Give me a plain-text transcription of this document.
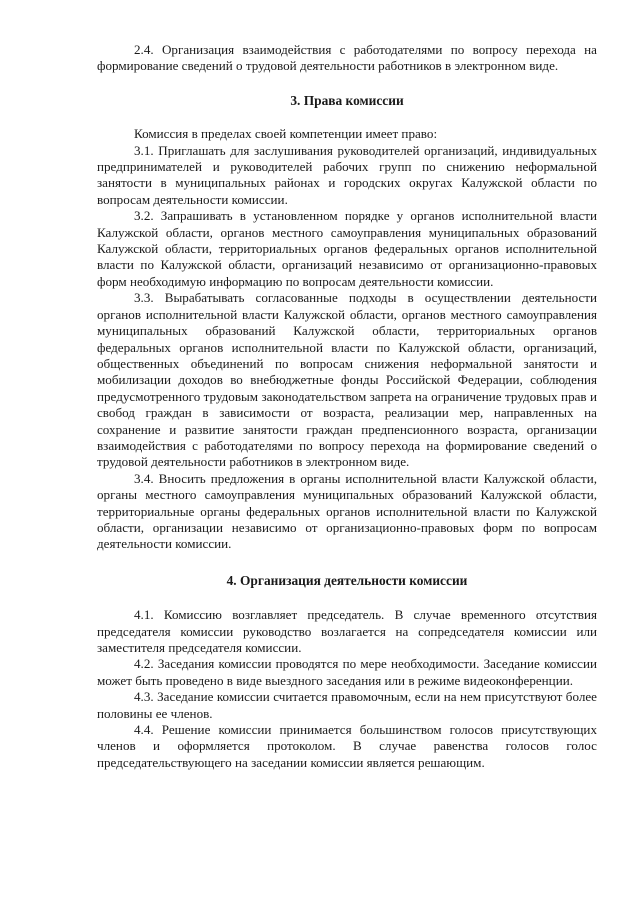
2.4. Организация взаимодействия с работодателями по вопросу перехода на формирование сведений о трудовой деятельности работников в электронном виде.

3. Права комиссии

Комиссия в пределах своей компетенции имеет право:

3.1. Приглашать для заслушивания руководителей организаций, индивидуальных предпринимателей и руководителей рабочих групп по снижению неформальной занятости в муниципальных районах и городских округах Калужской области по вопросам деятельности комиссии.

3.2. Запрашивать в установленном порядке у органов исполнительной власти Калужской области, органов местного самоуправления муниципальных образований Калужской области, территориальных органов федеральных органов исполнительной власти по Калужской области, организаций независимо от организационно-правовых форм необходимую информацию по вопросам деятельности комиссии.

3.3. Вырабатывать согласованные подходы в осуществлении деятельности органов исполнительной власти Калужской области, органов местного самоуправления муниципальных образований Калужской области, территориальных органов федеральных органов исполнительной власти по Калужской области, организаций, общественных объединений по вопросам снижения неформальной занятости и мобилизации доходов во внебюджетные фонды Российской Федерации, соблюдения предусмотренного трудовым законодательством запрета на ограничение трудовых прав и свобод граждан в зависимости от возраста, реализации мер, направленных на сохранение и развитие занятости граждан предпенсионного возраста, организации взаимодействия с работодателями по вопросу перехода на формирование сведений о трудовой деятельности работников в электронном виде.

3.4. Вносить предложения в органы исполнительной власти Калужской области, органы местного самоуправления муниципальных образований Калужской области, территориальные органы федеральных органов исполнительной власти по Калужской области, организации независимо от организационно-правовых форм по вопросам деятельности комиссии.

4. Организация деятельности комиссии

4.1. Комиссию возглавляет председатель. В случае временного отсутствия председателя комиссии руководство возлагается на сопредседателя комиссии или заместителя председателя комиссии.

4.2. Заседания комиссии проводятся по мере необходимости. Заседание комиссии может быть проведено в виде выездного заседания или в режиме видеоконференции.

4.3. Заседание комиссии считается правомочным, если на нем присутствуют более половины ее членов.

4.4. Решение комиссии принимается большинством голосов присутствующих членов и оформляется протоколом. В случае равенства голосов голос председательствующего на заседании комиссии является решающим.
